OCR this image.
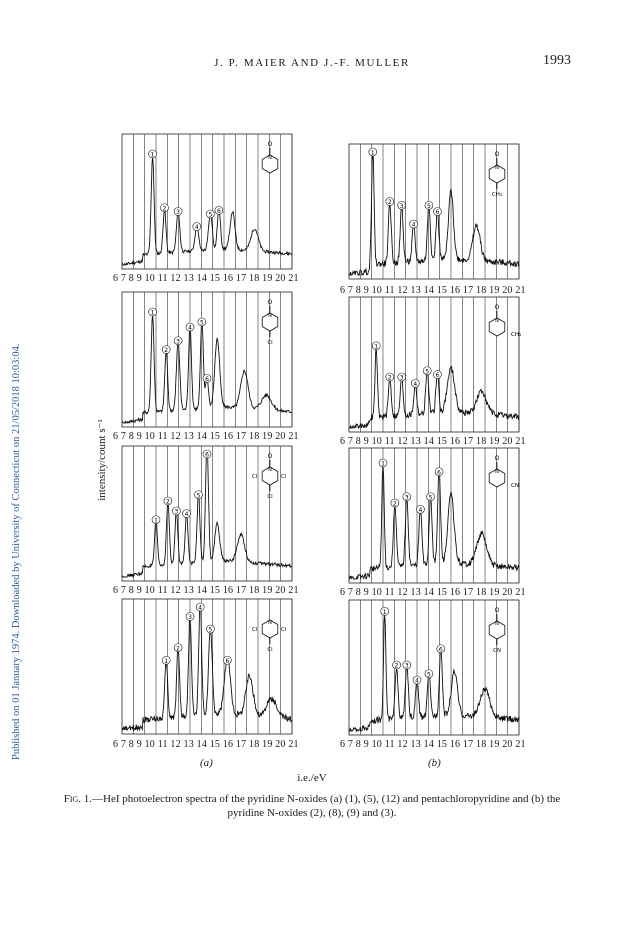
J. P. MAIER AND J.-F. MULLER	1993
Published on 01 January 1974. Downloaded by University of Connecticut on 21/05/2018 10:03:04.	intensity/count s⁻¹
1
2
3
4
5
6
N
O
6 7 8 9 10 11 12 13 14 15 16 17 18 19 20 21
1
2
3
4
5
6
N
O
Cl
6 7 8 9 10 11 12 13 14 15 16 17 18 19 20 21
1
2
3 4
5
6
N
O
Cl
Cl	Cl
6 7 8 9 10 11 12 13 14 15 16 17 18 19 20 21
1
2
3
4
5
6
N
Cl
Cl	Cl
6 7 8 9 10 11 12 13 14 15 16 17 18 19 20 21
1
2
3
4
5
6
N
O
CH₃
6 7 8 9 10 11 12 13 14 15 16 17 18 19 20 21
1
2 3
4
5
6
N
O
CH₃
6 7 8 9 10 11 12 13 14 15 16 17 18 19 20 21
1
2
3
4
5
6	N
O
CN
6 7 8 9 10 11 12 13 14 15 16 17 18 19 20 21
1
2 3
4
5
6
N
O
CN
6 7 8 9 10 11 12 13 14 15 16 17 18 19 20 21
(a)	(b)
i.e./eV
Fig. 1.—HeI photoelectron spectra of the pyridine N-oxides (a) (1), (5), (12) and pentachloropyridine and (b) the pyridine N-oxides (2), (8), (9) and (3).
